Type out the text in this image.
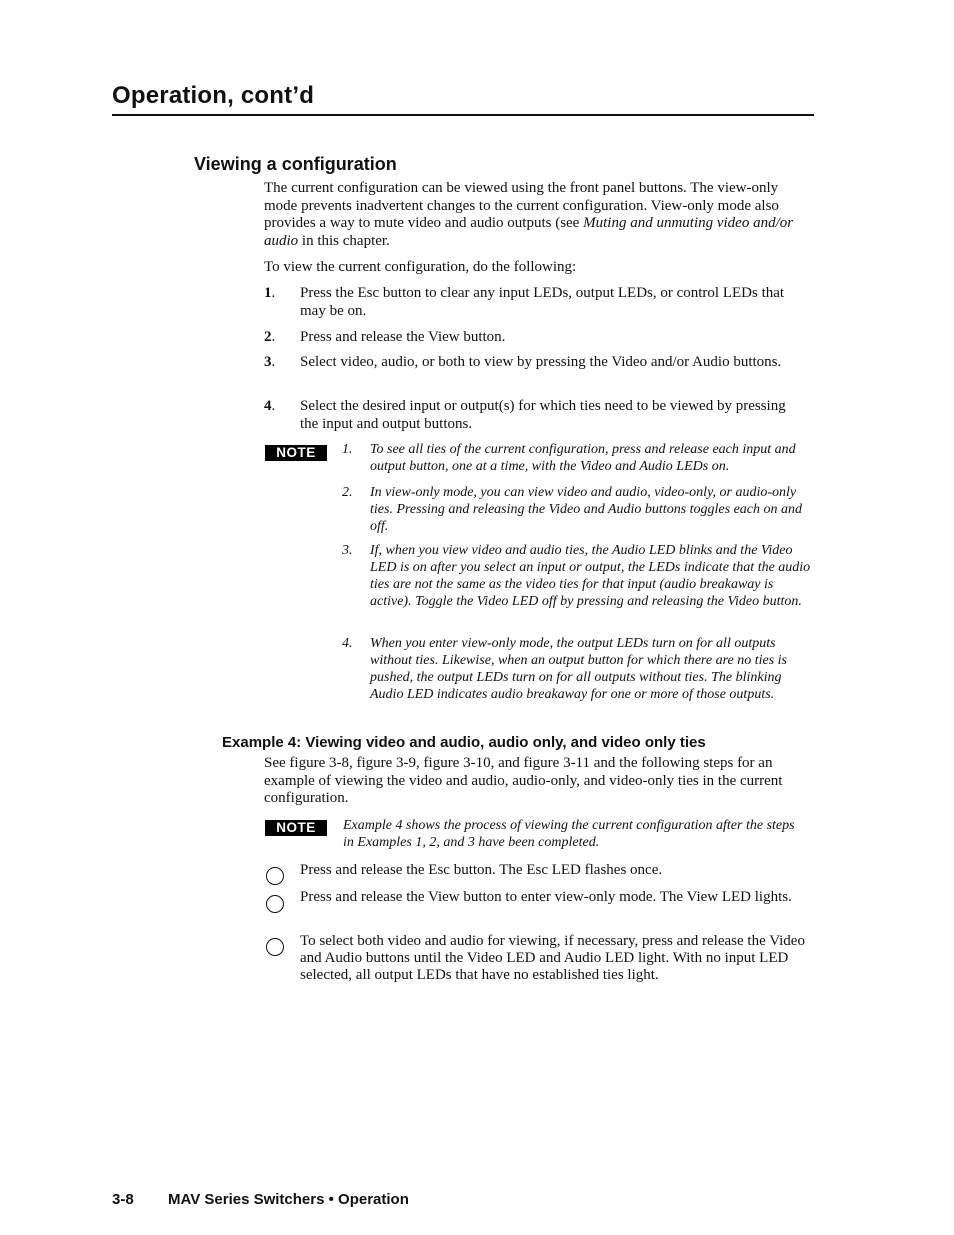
Operation, cont’d
Viewing a configuration
The current configuration can be viewed using the front panel buttons. The view-only mode prevents inadvertent changes to the current configuration. View-only mode also provides a way to mute video and audio outputs (see Muting and unmuting video and/or audio in this chapter.
To view the current configuration, do the following:
1. Press the Esc button to clear any input LEDs, output LEDs, or control LEDs that may be on.
2. Press and release the View button.
3. Select video, audio, or both to view by pressing the Video and/or Audio buttons.
4. Select the desired input or output(s) for which ties need to be viewed by pressing the input and output buttons.
NOTE	1. To see all ties of the current configuration, press and release each input and output button, one at a time, with the Video and Audio LEDs on.
2. In view-only mode, you can view video and audio, video-only, or audio-only ties. Pressing and releasing the Video and Audio buttons toggles each on and off.
3. If, when you view video and audio ties, the Audio LED blinks and the Video LED is on after you select an input or output, the LEDs indicate that the audio ties are not the same as the video ties for that input (audio breakaway is active). Toggle the Video LED off by pressing and releasing the Video button.
4. When you enter view-only mode, the output LEDs turn on for all outputs without ties. Likewise, when an output button for which there are no ties is pushed, the output LEDs turn on for all outputs without ties. The blinking Audio LED indicates audio breakaway for one or more of those outputs.
Example 4: Viewing video and audio, audio only, and video only ties
See figure 3-8, figure 3-9, figure 3-10, and figure 3-11 and the following steps for an example of viewing the video and audio, audio-only, and video-only ties in the current configuration.
NOTE	Example 4 shows the process of viewing the current configuration after the steps in Examples 1, 2, and 3 have been completed.
Press and release the Esc button. The Esc LED flashes once.
Press and release the View button to enter view-only mode. The View LED lights.
To select both video and audio for viewing, if necessary, press and release the Video and Audio buttons until the Video LED and Audio LED light. With no input LED selected, all output LEDs that have no established ties light.
3-8 MAV Series Switchers • Operation
